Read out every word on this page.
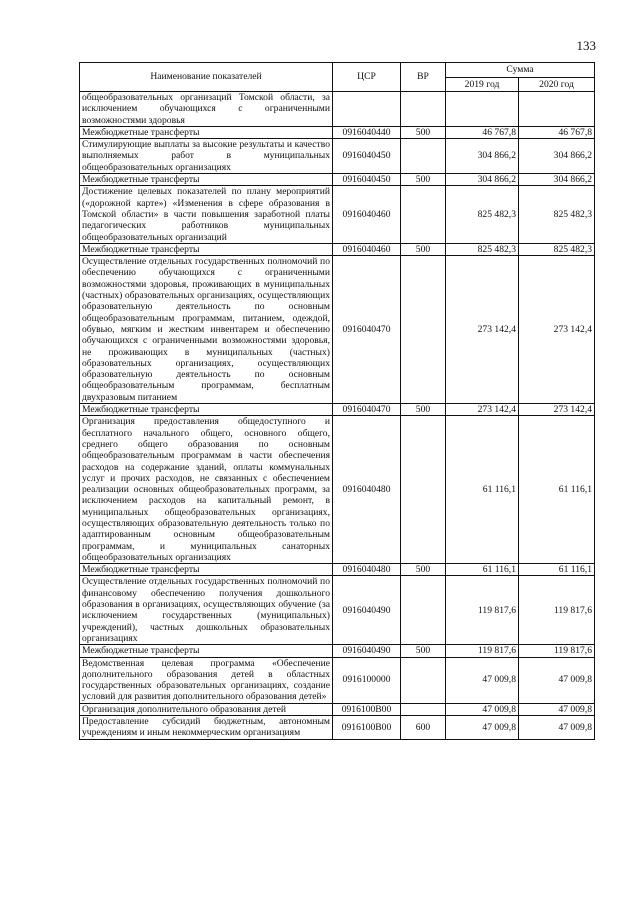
133
Наименование показателей	ЦСР	ВР	Сумма	
			2019 год	2020 год
общеобразовательных организаций Томской области, за исключением обучающихся с ограниченными возможностями здоровья				
Межбюджетные трансферты	0916040440	500	46 767,8	46 767,8
Стимулирующие выплаты за высокие результаты и качество выполняемых работ в муниципальных общеобразовательных организациях	0916040450		304 866,2	304 866,2
Межбюджетные трансферты	0916040450	500	304 866,2	304 866,2
Достижение целевых показателей по плану мероприятий («дорожной карте») «Изменения в сфере образования в Томской области» в части повышения заработной платы педагогических работников муниципальных общеобразовательных организаций	0916040460		825 482,3	825 482,3
Межбюджетные трансферты	0916040460	500	825 482,3	825 482,3
Осуществление отдельных государственных полномочий по обеспечению обучающихся с ограниченными возможностями здоровья, проживающих в муниципальных (частных) образовательных организациях, осуществляющих образовательную деятельность по основным общеобразовательным программам, питанием, одеждой, обувью, мягким и жестким инвентарем и обеспечению обучающихся с ограниченными возможностями здоровья, не проживающих в муниципальных (частных) образовательных организациях, осуществляющих образовательную деятельность по основным общеобразовательным программам, бесплатным двухразовым питанием	0916040470		273 142,4	273 142,4
Межбюджетные трансферты	0916040470	500	273 142,4	273 142,4
Организация предоставления общедоступного и бесплатного начального общего, основного общего, среднего общего образования по основным общеобразовательным программам в части обеспечения расходов на содержание зданий, оплаты коммунальных услуг и прочих расходов, не связанных с обеспечением реализации основных общеобразовательных программ, за исключением расходов на капитальный ремонт, в муниципальных общеобразовательных организациях, осуществляющих образовательную деятельность только по адаптированным основным общеобразовательным программам, и муниципальных санаторных общеобразовательных организациях	0916040480		61 116,1	61 116,1
Межбюджетные трансферты	0916040480	500	61 116,1	61 116,1
Осуществление отдельных государственных полномочий по финансовому обеспечению получения дошкольного образования в организациях, осуществляющих обучение (за исключением государственных (муниципальных) учреждений), частных дошкольных образовательных организациях	0916040490		119 817,6	119 817,6
Межбюджетные трансферты	0916040490	500	119 817,6	119 817,6
Ведомственная целевая программа «Обеспечение дополнительного образования детей в областных государственных образовательных организациях, создание условий для развития дополнительного образования детей»	0916100000		47 009,8	47 009,8
Организация дополнительного образования детей	0916100В00		47 009,8	47 009,8
Предоставление субсидий бюджетным, автономным учреждениям и иным некоммерческим организациям	0916100В00	600	47 009,8	47 009,8
